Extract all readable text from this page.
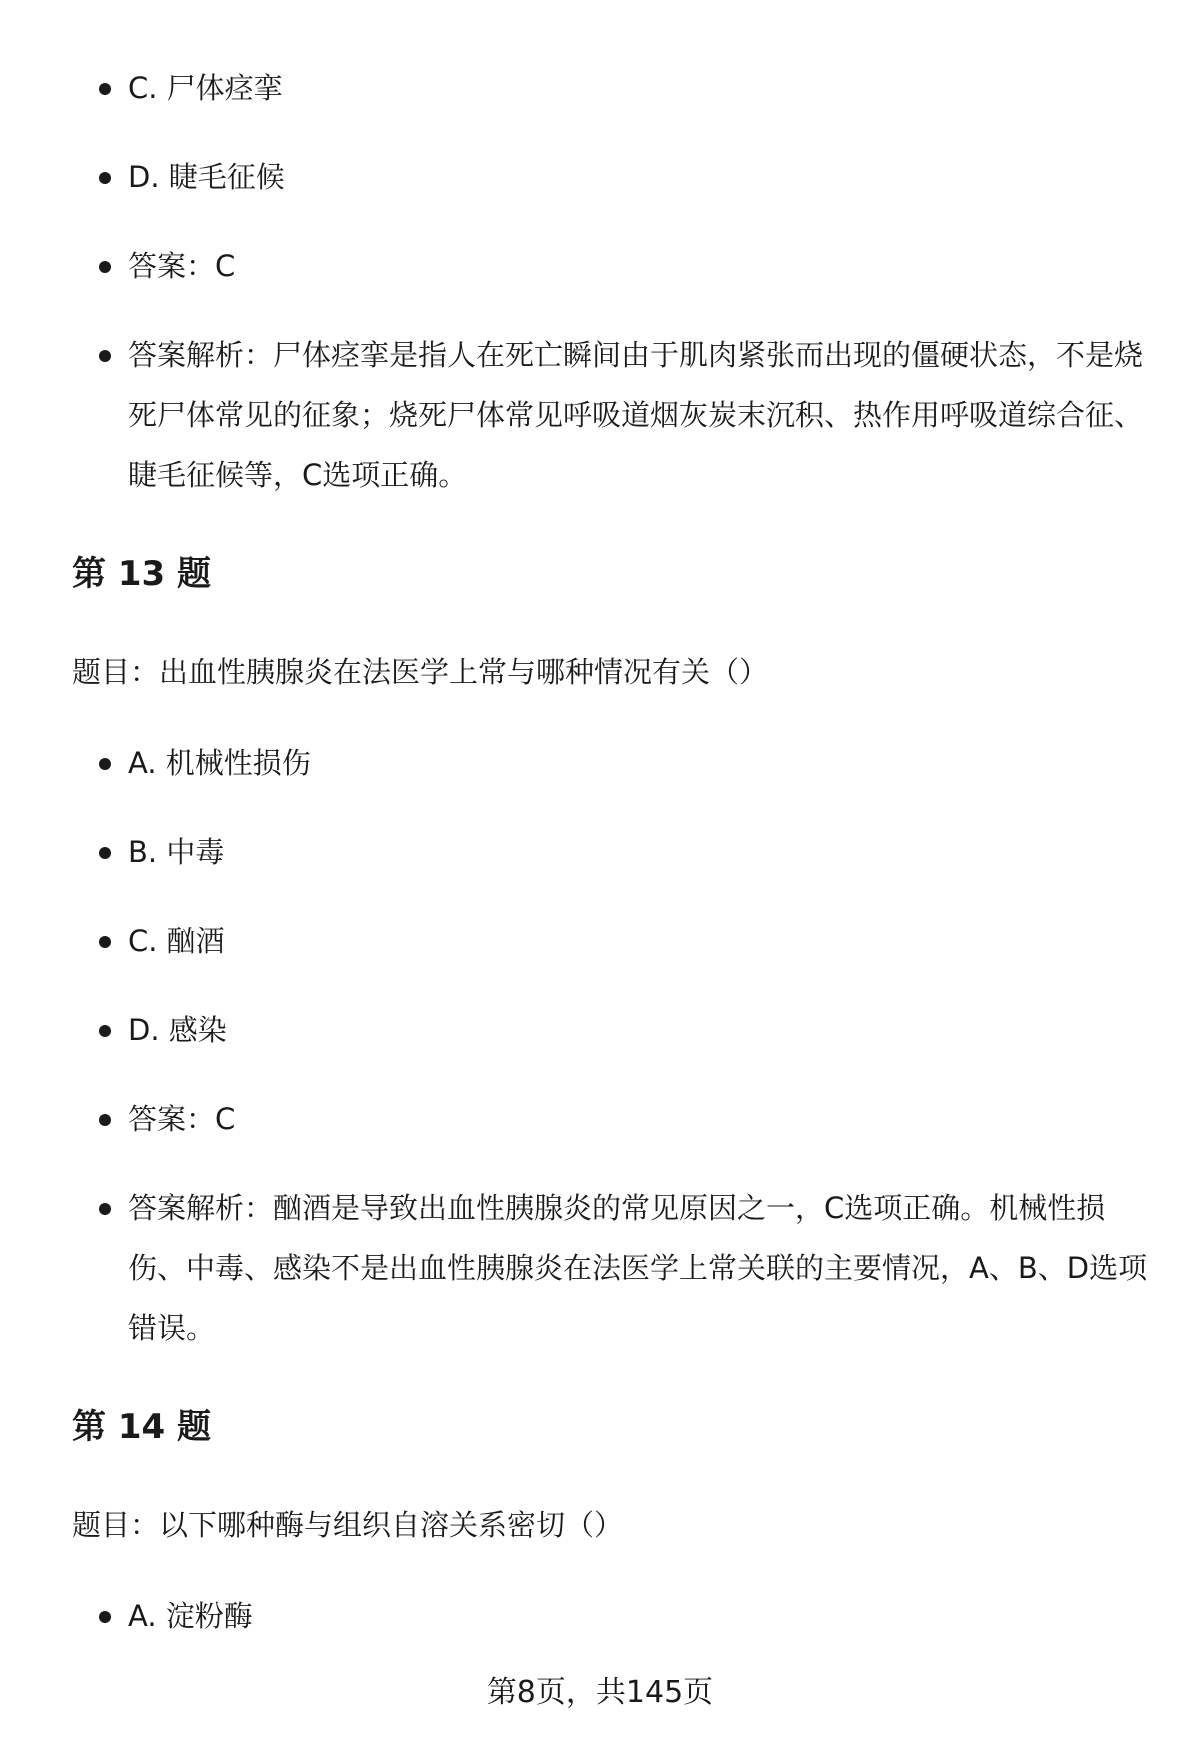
C. 尸体痉挛
D. 睫毛征候
答案：C
答案解析：尸体痉挛是指人在死亡瞬间由于肌肉紧张而出现的僵硬状态，不是烧死尸体常见的征象；烧死尸体常见呼吸道烟灰炭末沉积、热作用呼吸道综合征、睫毛征候等，C选项正确。
第 13 题
题目：出血性胰腺炎在法医学上常与哪种情况有关（）
A. 机械性损伤
B. 中毒
C. 酗酒
D. 感染
答案：C
答案解析：酗酒是导致出血性胰腺炎的常见原因之一，C选项正确。机械性损伤、中毒、感染不是出血性胰腺炎在法医学上常关联的主要情况，A、B、D选项错误。
第 14 题
题目：以下哪种酶与组织自溶关系密切（）
A. 淀粉酶
第8页，共145页
